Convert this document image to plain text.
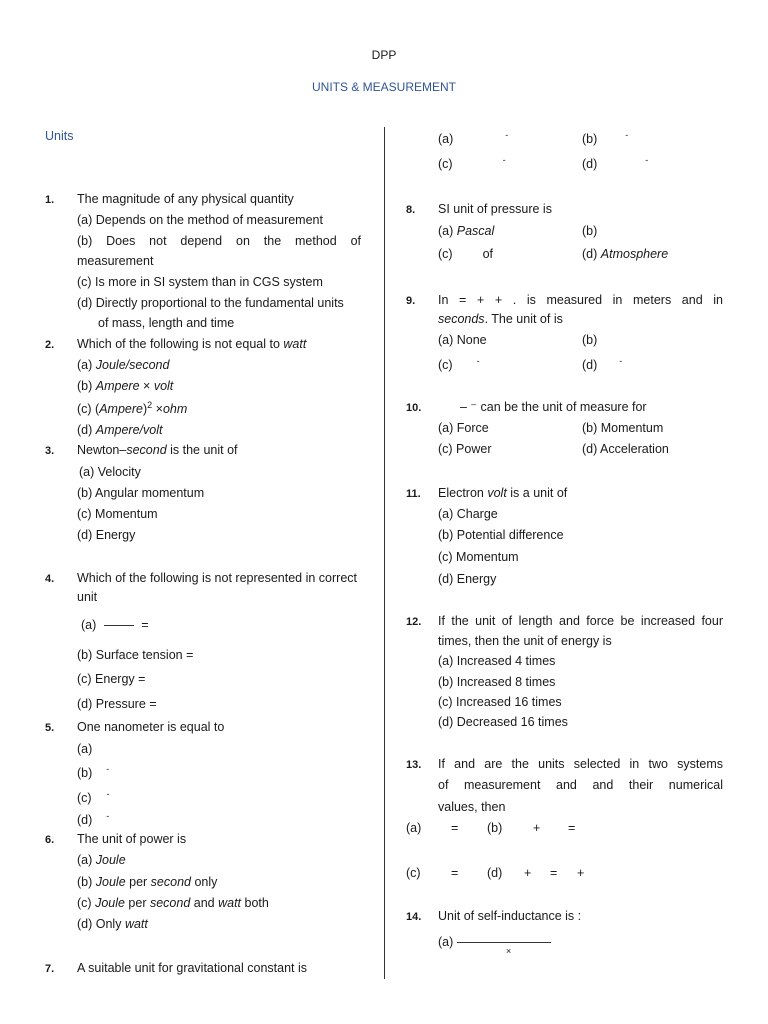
DPP
UNITS & MEASUREMENT
Units
1. The magnitude of any physical quantity
(a) Depends on the method of measurement
(b) Does not depend on the method of
measurement
(c) Is more in SI system than in CGS system
(d) Directly proportional to the fundamental units
of mass, length and time
2. Which of the following is not equal to watt
(a) Joule/second
(b) Ampere × volt
(c) (Ampere)$^2$ ×ohm
(d) Ampere/volt
3. Newton–second is the unit of
(a) Velocity
(b) Angular momentum
(c) Momentum
(d) Energy
4. Which of the following is not represented in correct
unit
(a)	=
(b) Surface tension =
(c) Energy =
(d) Pressure =
5. One nanometer is equal to
(a)
(b) -
(c) -
(d) -
6. The unit of power is
(a) Joule
(b) Joule per second only
(c) Joule per second and watt both
(d) Only watt
7. A suitable unit for gravitational constant is
(a)	-	(b)	-
(c)	-	(d)	-
8. SI unit of pressure is
(a) Pascal	(b)
(c) of	(d) Atmosphere
9. In = + + . is measured in meters and in
seconds. The unit of is
(a) None	(b)
(c)	-	(d) -
10.	– ⁻ can be the unit of measure for
(a) Force	(b) Momentum
(c) Power	(d) Acceleration
11. Electron volt is a unit of
(a) Charge
(b) Potential difference
(c) Momentum
(d) Energy
12. If the unit of length and force be increased four
times, then the unit of energy is
(a) Increased 4 times
(b) Increased 8 times
(c) Increased 16 times
(d) Decreased 16 times
13. If and are the units selected in two systems
of measurement and and their numerical
values, then
(a) = (b) + =
(c) = (d) + = +
14. Unit of self-inductance is :
(a)
×
